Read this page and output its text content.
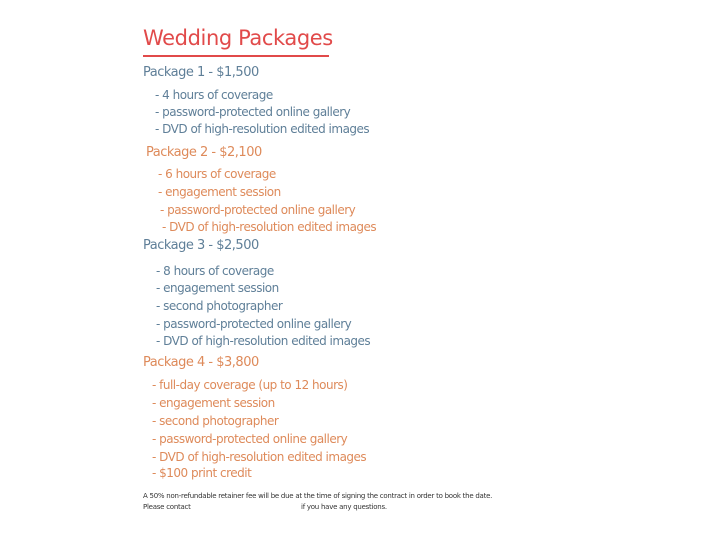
Wedding Packages
Package 1 - $1,500
- 4 hours of coverage
- password-protected online gallery
- DVD of high-resolution edited images
Package 2 - $2,100
- 6 hours of coverage
- engagement session
- password-protected online gallery
- DVD of high-resolution edited images
Package 3 - $2,500
- 8 hours of coverage
- engagement session
- second photographer
- password-protected online gallery
- DVD of high-resolution edited images
Package 4 - $3,800
- full-day coverage (up to 12 hours)
- engagement session
- second photographer
- password-protected online gallery
- DVD of high-resolution edited images
- $100 print credit
A 50% non-refundable retainer fee will be due at the time of signing the contract in order to book the date.
Please contact	if you have any questions.
